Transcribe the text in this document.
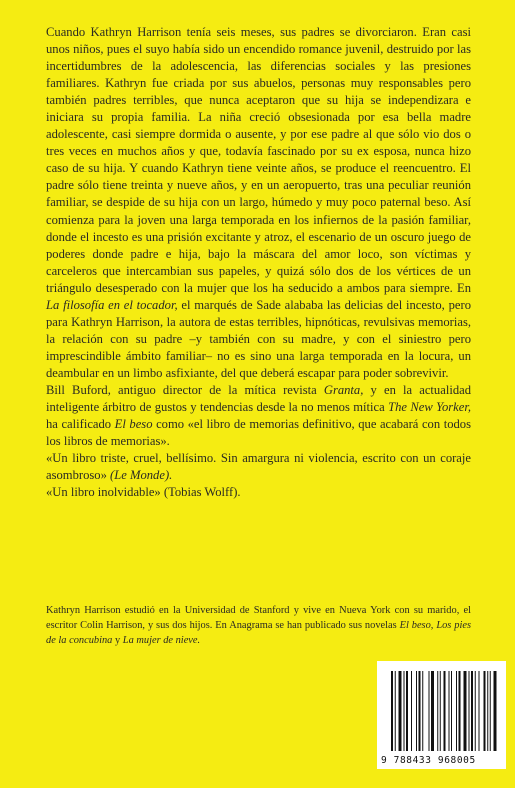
Cuando Kathryn Harrison tenía seis meses, sus padres se divorciaron. Eran casi unos niños, pues el suyo había sido un encendido romance juvenil, destruido por las incertidumbres de la adolescencia, las diferencias sociales y las presiones familiares. Kathryn fue criada por sus abuelos, personas muy responsables pero también padres terribles, que nunca aceptaron que su hija se independizara e iniciara su propia familia. La niña creció obsesionada por esa bella madre adolescente, casi siempre dormida o ausente, y por ese padre al que sólo vio dos o tres veces en muchos años y que, todavía fascinado por su ex esposa, nunca hizo caso de su hija. Y cuando Kathryn tiene veinte años, se produce el reencuentro. El padre sólo tiene treinta y nueve años, y en un aeropuerto, tras una peculiar reunión familiar, se despide de su hija con un largo, húmedo y muy poco paternal beso. Así comienza para la joven una larga temporada en los infiernos de la pasión familiar, donde el incesto es una prisión excitante y atroz, el escenario de un oscuro juego de poderes donde padre e hija, bajo la máscara del amor loco, son víctimas y carceleros que intercambian sus papeles, y quizá sólo dos de los vértices de un triángulo desesperado con la mujer que los ha seducido a ambos para siempre. En La filosofía en el tocador, el marqués de Sade alababa las delicias del incesto, pero para Kathryn Harrison, la autora de estas terribles, hipnóticas, revulsivas memorias, la relación con su padre –y también con su madre, y con el siniestro pero imprescindible ámbito familiar– no es sino una larga temporada en la locura, un deambular en un limbo asfixiante, del que deberá escapar para poder sobrevivir.

Bill Buford, antiguo director de la mítica revista Granta, y en la actualidad inteligente árbitro de gustos y tendencias desde la no menos mítica The New Yorker, ha calificado El beso como «el libro de memorias definitivo, que acabará con todos los libros de memorias».

«Un libro triste, cruel, bellísimo. Sin amargura ni violencia, escrito con un coraje asombroso» (Le Monde).

«Un libro inolvidable» (Tobias Wolff).

Kathryn Harrison estudió en la Universidad de Stanford y vive en Nueva York con su marido, el escritor Colin Harrison, y sus dos hijos. En Anagrama se han publicado sus novelas El beso, Los pies de la concubina y La mujer de nieve.
9 788433 968005
